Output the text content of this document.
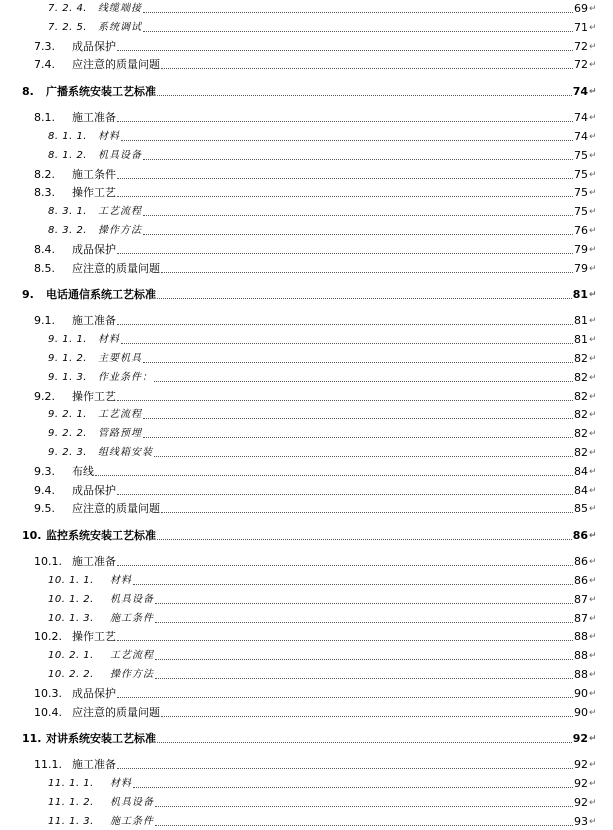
7. 2. 4.	线缆端接	69 ↵
7. 2. 5.	系统调试	71 ↵
7.3.	成品保护	72 ↵
7.4.	应注意的质量问题	72 ↵
8.	广播系统安装工艺标准	74 ↵
8.1.	施工准备	74 ↵
8. 1. 1.	材料	74 ↵
8. 1. 2.	机具设备	75 ↵
8.2.	施工条件	75 ↵
8.3.	操作工艺	75 ↵
8. 3. 1.	工艺流程	75 ↵
8. 3. 2.	操作方法	76 ↵
8.4.	成品保护	79 ↵
8.5.	应注意的质量问题	79 ↵
9.	电话通信系统工艺标准	81 ↵
9.1.	施工准备	81 ↵
9. 1. 1.	材料	81 ↵
9. 1. 2.	主要机具	82 ↵
9. 1. 3.	作业条件：	82 ↵
9.2.	操作工艺	82 ↵
9. 2. 1.	工艺流程	82 ↵
9. 2. 2.	管路预埋	82 ↵
9. 2. 3.	组线箱安装	82 ↵
9.3.	布线	84 ↵
9.4.	成品保护	84 ↵
9.5.	应注意的质量问题	85 ↵
10. 监控系统安装工艺标准	86 ↵
10.1. 施工准备	86 ↵
10. 1. 1.	材料	86 ↵
10. 1. 2.	机具设备	87 ↵
10. 1. 3.	施工条件	87 ↵
10.2. 操作工艺	88 ↵
10. 2. 1.	工艺流程	88 ↵
10. 2. 2.	操作方法	88 ↵
10.3. 成品保护	90 ↵
10.4. 应注意的质量问题	90 ↵
11. 对讲系统安装工艺标准	92 ↵
11.1. 施工准备	92 ↵
11. 1. 1.	材料	92 ↵
11. 1. 2.	机具设备	92 ↵
11. 1. 3.	施工条件	93 ↵
